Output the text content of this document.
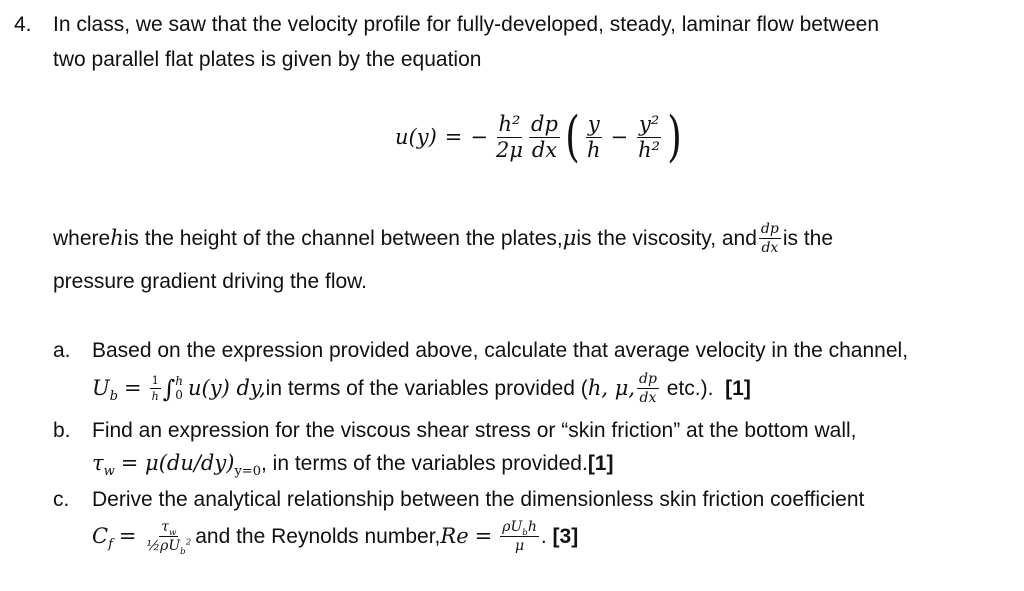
4. In class, we saw that the velocity profile for fully-developed, steady, laminar flow between
two parallel flat plates is given by the equation
u(y) = − $\frac{\text{h²}}{2\mu} \frac{dp}{dx}$ ( $\frac{y}{h} - \frac{\text{y²}}{\text{h²}}$ )
where h is the height of the channel between the plates, μ is the viscosity, and $\frac{dp}{dx}$ is the
pressure gradient driving the flow.
a. Based on the expression provided above, calculate that average velocity in the channel,
$U_b = \frac{1}{h}$ ∫ h
0 u(y) dy, in terms of the variables provided ( h, μ, $\frac{dp}{dx} etc$.). [1]
b. Find an expression for the viscous shear stress or “skin friction” at the bottom wall,
$\tau_w = \mu(du/dy)_{y=0}$ , in terms of the variables provided. [1]
c. Derive the analytical relationship between the dimensionless skin friction coefficient
$C_f = \frac{\tau_w}{\frac{1}{2}\rho U_b^2}$ and the Reynolds number, $Re = \frac{\rho U_bh}{\mu}$ . [3]
